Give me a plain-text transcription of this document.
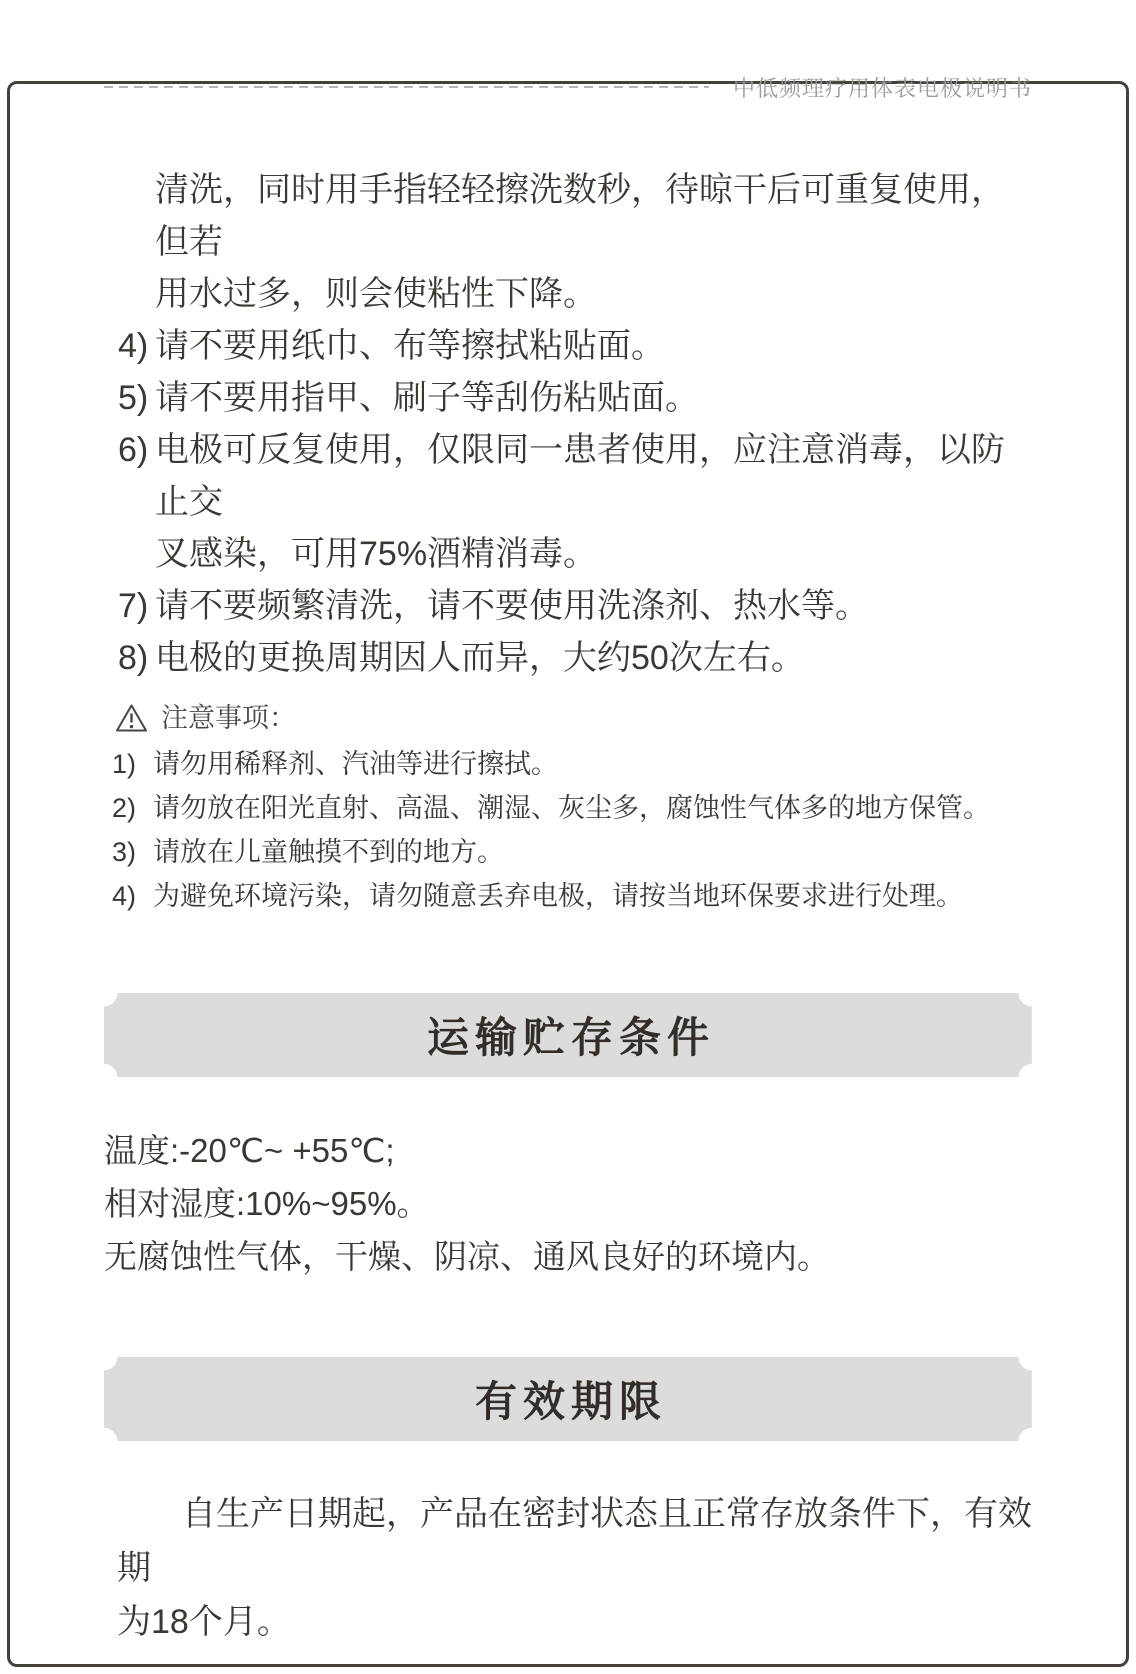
中低频理疗用体表电极说明书
清洗，同时用手指轻轻擦洗数秒，待晾干后可重复使用，但若
用水过多，则会使粘性下降。
4) 请不要用纸巾、布等擦拭粘贴面。
5) 请不要用指甲、刷子等刮伤粘贴面。
6) 电极可反复使用，仅限同一患者使用，应注意消毒，以防止交
叉感染，可用75%酒精消毒。
7) 请不要频繁清洗，请不要使用洗涤剂、热水等。
8) 电极的更换周期因人而异，大约50次左右。
注意事项：
1) 请勿用稀释剂、汽油等进行擦拭。
2) 请勿放在阳光直射、高温、潮湿、灰尘多，腐蚀性气体多的地方保管。
3) 请放在儿童触摸不到的地方。
4) 为避免环境污染，请勿随意丢弃电极，请按当地环保要求进行处理。
运输贮存条件
温度:-20℃~ +55℃;
相对湿度:10%~95%。
无腐蚀性气体，干燥、阴凉、通风良好的环境内。
有效期限
自生产日期起，产品在密封状态且正常存放条件下，有效期
为18个月。
